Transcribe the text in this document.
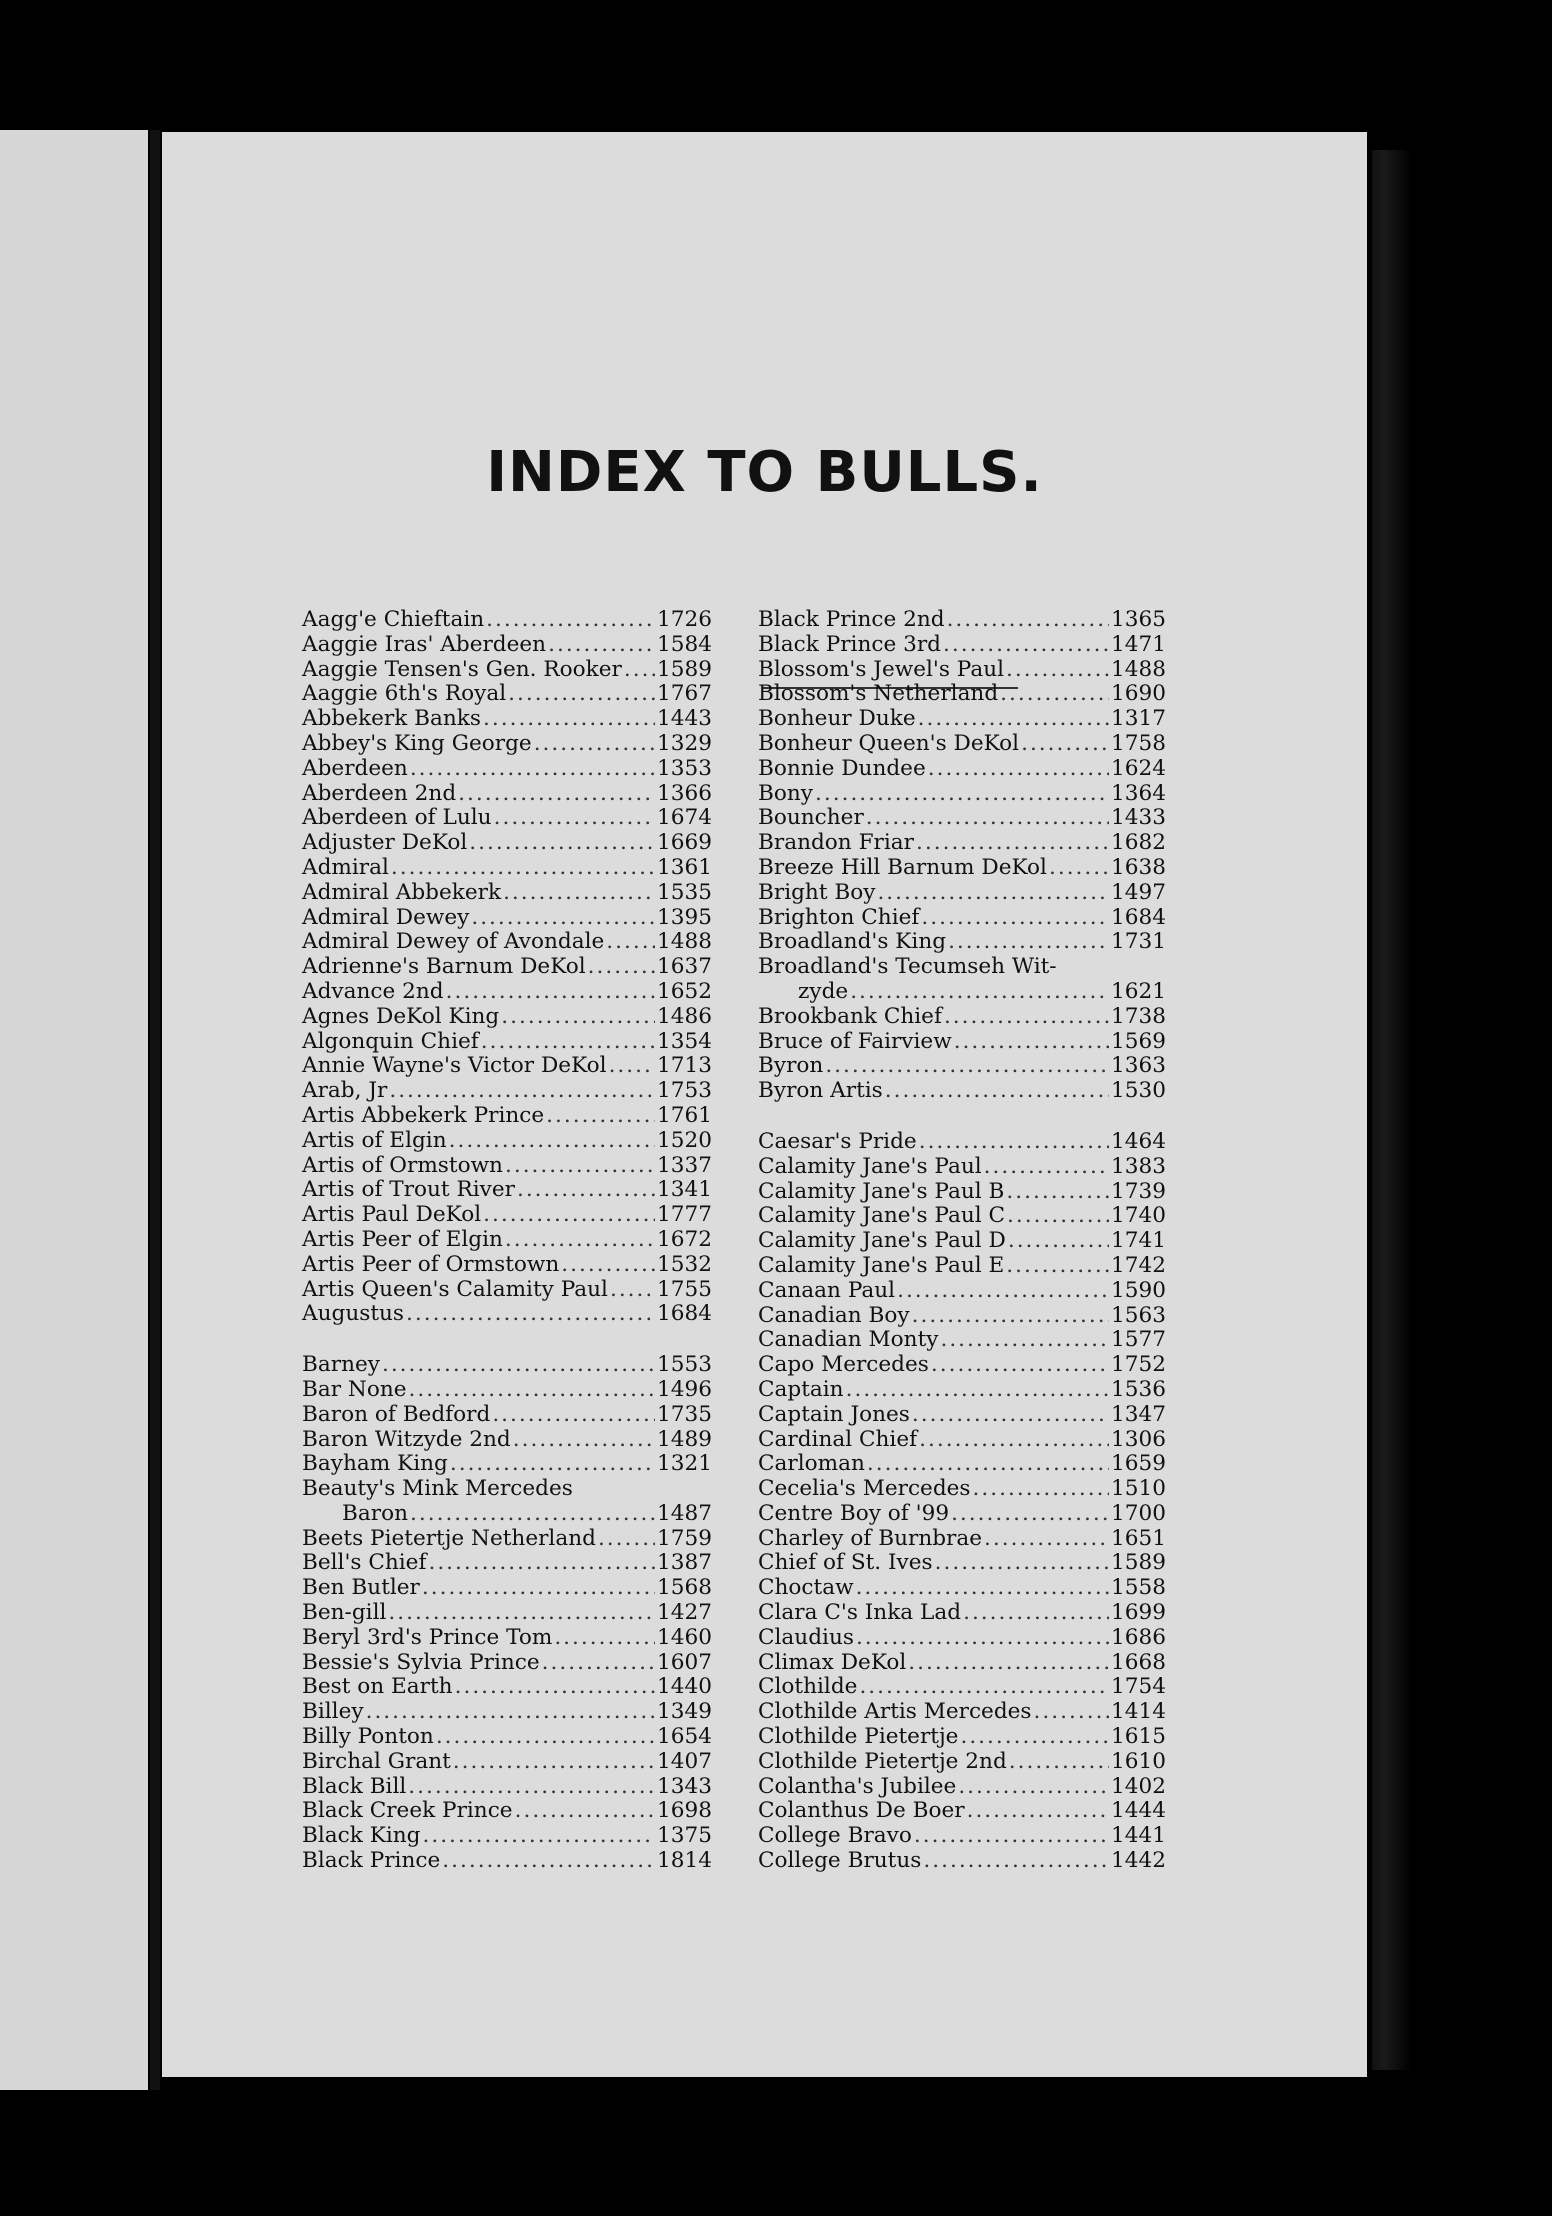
INDEX TO BULLS.
Aagg'e Chieftain .....	1726
Aaggie Iras' Aberdeen .....	1584
Aaggie Tensen's Gen. Rooker ..... 1589
Aaggie 6th's Royal .....	1767
Abbekerk Banks .....	1443
Abbey's King George .....	1329
Aberdeen .....	1353
Aberdeen 2nd .....	1366
Aberdeen of Lulu .....	1674
Adjuster DeKol .....	1669
Admiral .....	1361
Admiral Abbekerk .....	1535
Admiral Dewey .....	1395
Admiral Dewey of Avondale ..... 1488
Adrienne's Barnum DeKol .....	1637
Advance 2nd .....	1652
Agnes DeKol King .....	1486
Algonquin Chief .....	1354
Annie Wayne's Victor DeKol ..... 1713
Arab, Jr .....	1753
Artis Abbekerk Prince .....	1761
Artis of Elgin .....	1520
Artis of Ormstown .....	1337
Artis of Trout River .....	1341
Artis Paul DeKol .....	1777
Artis Peer of Elgin .....	1672
Artis Peer of Ormstown .....	1532
Artis Queen's Calamity Paul ..... 1755
Augustus .....	1684
Barney .....	1553
Bar None .....	1496
Baron of Bedford .....	1735
Baron Witzyde 2nd .....	1489
Bayham King .....	1321
Beauty's Mink Mercedes
Baron .....	1487
Beets Pietertje Netherland .....	1759
Bell's Chief .....	1387
Ben Butler .....	1568
Ben-gill .....	1427
Beryl 3rd's Prince Tom .....	1460
Bessie's Sylvia Prince .....	1607
Best on Earth .....	1440
Billey .....	1349
Billy Ponton .....	1654
Birchal Grant .....	1407
Black Bill .....	1343
Black Creek Prince .....	1698
Black King .....	1375
Black Prince .....	1814
Black Prince 2nd .....	1365
Black Prince 3rd .....	1471
Blossom's Jewel's Paul .....	1488
Blossom's Netherland .....	1690
Bonheur Duke .....	1317
Bonheur Queen's DeKol .....	1758
Bonnie Dundee .....	1624
Bony .....	1364
Bouncher .....	1433
Brandon Friar .....	1682
Breeze Hill Barnum DeKol .....	1638
Bright Boy .....	1497
Brighton Chief .....	1684
Broadland's King .....	1731
Broadland's Tecumseh Wit-
zyde .....	1621
Brookbank Chief .....	1738
Bruce of Fairview .....	1569
Byron .....	1363
Byron Artis .....	1530
Caesar's Pride .....	1464
Calamity Jane's Paul .....	1383
Calamity Jane's Paul B .....	1739
Calamity Jane's Paul C .....	1740
Calamity Jane's Paul D .....	1741
Calamity Jane's Paul E .....	1742
Canaan Paul .....	1590
Canadian Boy .....	1563
Canadian Monty .....	1577
Capo Mercedes .....	1752
Captain .....	1536
Captain Jones .....	1347
Cardinal Chief .....	1306
Carloman .....	1659
Cecelia's Mercedes .....	1510
Centre Boy of '99 .....	1700
Charley of Burnbrae .....	1651
Chief of St. Ives .....	1589
Choctaw .....	1558
Clara C's Inka Lad .....	1699
Claudius .....	1686
Climax DeKol .....	1668
Clothilde .....	1754
Clothilde Artis Mercedes .....	1414
Clothilde Pietertje .....	1615
Clothilde Pietertje 2nd .....	1610
Colantha's Jubilee .....	1402
Colanthus De Boer .....	1444
College Bravo .....	1441
College Brutus .....	1442
